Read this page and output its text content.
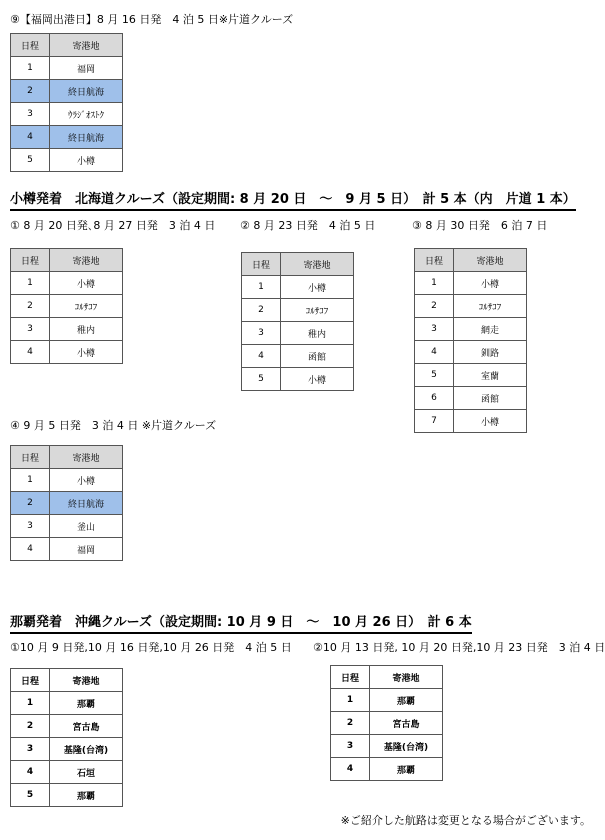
⑨【福岡出港日】8 月 16 日発　4 泊 5 日※片道クルーズ
日程	寄港地
1	福岡
2	終日航海
3	ｳﾗｼﾞｵｽﾄｸ
4	終日航海
5	小樽
小樽発着　北海道クルーズ（設定期間: 8 月 20 日　～　9 月 5 日）　計 5 本（内　片道 1 本）
① 8 月 20 日発､8 月 27 日発　3 泊 4 日 ② 8 月 23 日発　4 泊 5 日	③ 8 月 30 日発　6 泊 7 日
日程	寄港地
1	小樽
2	ｺﾙｻｺﾌ
3	稚内
4	小樽
日程	寄港地
1	小樽
2	ｺﾙｻｺﾌ
3	稚内
4	函館
5	小樽
日程	寄港地
1	小樽
2	ｺﾙｻｺﾌ
3	網走
4	釧路
5	室蘭
6	函館
7	小樽
④ 9 月 5 日発　3 泊 4 日 ※片道クルーズ
日程	寄港地
1	小樽
2	終日航海
3	釜山
4	福岡
那覇発着　沖縄クルーズ（設定期間: 10 月 9 日　～　10 月 26 日）　計 6 本
①10 月 9 日発,10 月 16 日発,10 月 26 日発　4 泊 5 日 ②10 月 13 日発, 10 月 20 日発,10 月 23 日発　3 泊 4 日
日程	寄港地
1	那覇
2	宮古島
3	基隆(台湾)
4	石垣
5	那覇
日程	寄港地
1	那覇
2	宮古島
3	基隆(台湾)
4	那覇
※ご紹介した航路は変更となる場合がございます。
